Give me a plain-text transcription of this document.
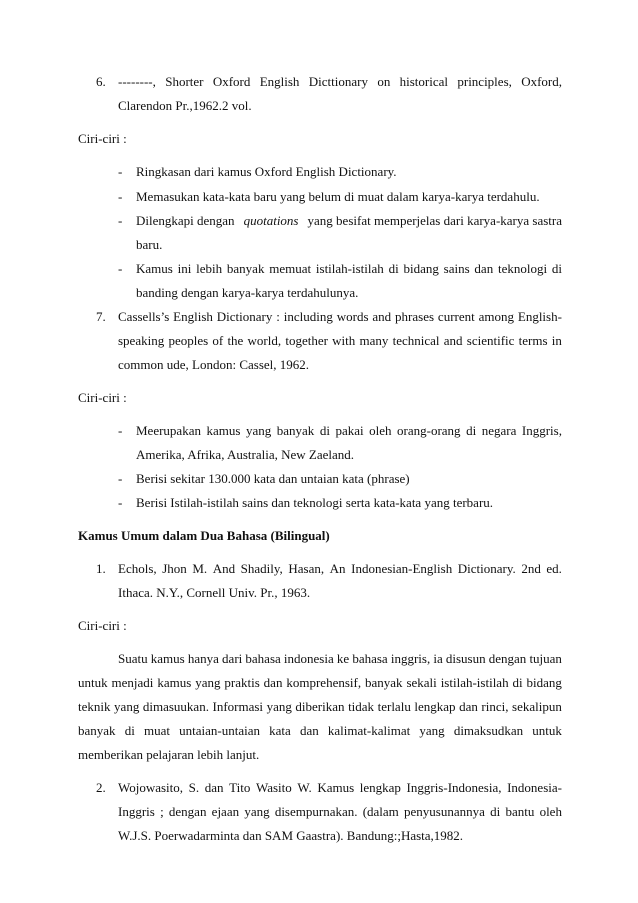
6. --------, Shorter Oxford English Dicttionary on historical principles, Oxford,
Clarendon Pr.,1962.2 vol.
Ciri-ciri :
- Ringkasan dari kamus Oxford English Dictionary.
- Memasukan kata-kata baru yang belum di muat dalam karya-karya terdahulu.
- Dilengkapi dengan quotations yang besifat memperjelas dari karya-karya sastra
baru.
- Kamus ini lebih banyak memuat istilah-istilah di bidang sains dan teknologi di
banding dengan karya-karya terdahulunya.
7. Cassells’s English Dictionary : including words and phrases current among English-
speaking peoples of the world, together with many technical and scientific terms in
common ude, London: Cassel, 1962.
Ciri-ciri :
- Meerupakan kamus yang banyak di pakai oleh orang-orang di negara Inggris,
Amerika, Afrika, Australia, New Zaeland.
- Berisi sekitar 130.000 kata dan untaian kata (phrase)
- Berisi Istilah-istilah sains dan teknologi serta kata-kata yang terbaru.
Kamus Umum dalam Dua Bahasa (Bilingual)
1. Echols, Jhon M. And Shadily, Hasan, An Indonesian-English Dictionary. 2nd ed.
Ithaca. N.Y., Cornell Univ. Pr., 1963.
Ciri-ciri :
Suatu kamus hanya dari bahasa indonesia ke bahasa inggris, ia disusun dengan tujuan
untuk menjadi kamus yang praktis dan komprehensif, banyak sekali istilah-istilah di bidang
teknik yang dimasuukan. Informasi yang diberikan tidak terlalu lengkap dan rinci, sekalipun
banyak di muat untaian-untaian kata dan kalimat-kalimat yang dimaksudkan untuk
memberikan pelajaran lebih lanjut.
2. Wojowasito, S. dan Tito Wasito W. Kamus lengkap Inggris-Indonesia, Indonesia-
Inggris ; dengan ejaan yang disempurnakan. (dalam penyusunannya di bantu oleh
W.J.S. Poerwadarminta dan SAM Gaastra). Bandung:;Hasta,1982.
